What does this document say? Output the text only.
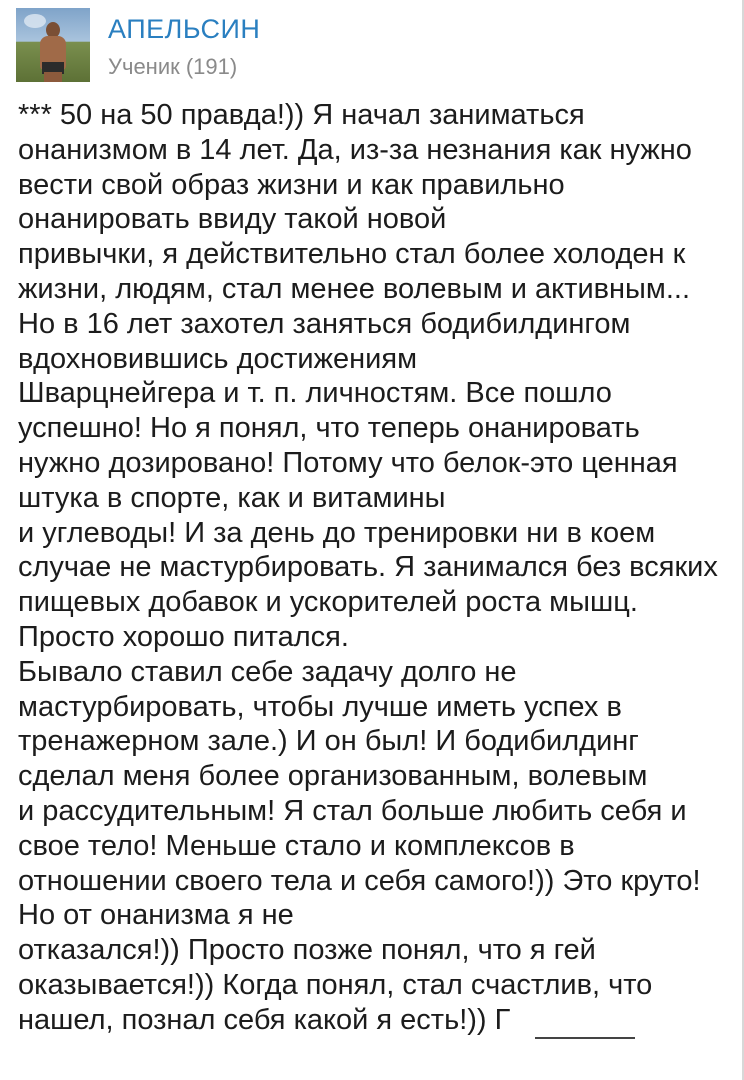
АПЕЛЬСИН
Ученик (191)
*** 50 на 50 правда!)) Я начал заниматься
онанизмом в 14 лет. Да, из-за незнания как нужно
вести свой образ жизни и как правильно
онанировать ввиду такой новой
привычки, я действительно стал более холоден к
жизни, людям, стал менее волевым и активным...
Но в 16 лет захотел заняться бодибилдингом
вдохновившись достижениям
Шварцнейгера и т. п. личностям. Все пошло
успешно! Но я понял, что теперь онанировать
нужно дозировано! Потому что белок-это ценная
штука в спорте, как и витамины
и углеводы! И за день до тренировки ни в коем
случае не мастурбировать. Я занимался без всяких
пищевых добавок и ускорителей роста мышц.
Просто хорошо питался.
Бывало ставил себе задачу долго не
мастурбировать, чтобы лучше иметь успех в
тренажерном зале.) И он был! И бодибилдинг
сделал меня более организованным, волевым
и рассудительным! Я стал больше любить себя и
свое тело! Меньше стало и комплексов в
отношении своего тела и себя самого!)) Это круто!
Но от онанизма я не
отказался!)) Просто позже понял, что я гей
оказывается!)) Когда понял, стал счастлив, что
нашел, познал себя какой я есть!)) Г
